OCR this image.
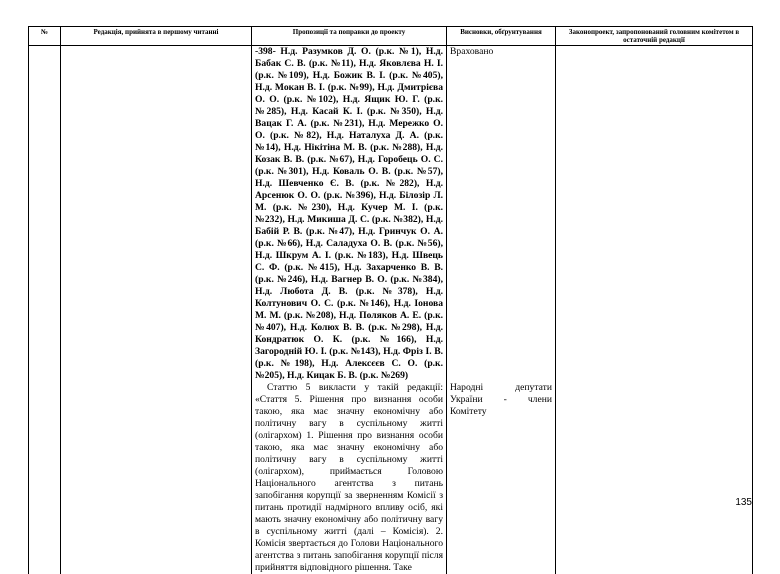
№	Редакція, прийнята в першому читанні	Пропозиції та поправки до проекту	Висновки, обґрунтування	Законопроект, запропонований головним комітетом в остаточній редакції

		-398- Н.д. Разумков Д. О. (р.к. №1), Н.д. Бабак С. В. (р.к. №11), Н.д. Яковлєва Н. І. (р.к. №109), Н.д. Божик В. І. (р.к. №405), Н.д. Мокан В. І. (р.к. №99), Н.д. Дмитрієва О. О. (р.к. №102), Н.д. Ящик Ю. Г. (р.к. №285), Н.д. Касай К. І. (р.к. №350), Н.д. Вацак Г. А. (р.к. №231), Н.д. Мережко О. О. (р.к. №82), Н.д. Наталуха Д. А. (р.к. №14), Н.д. Нікітіна М. В. (р.к. №288), Н.д. Козак В. В. (р.к. №67), Н.д. Горобець О. С. (р.к. №301), Н.д. Коваль О. В. (р.к. №57), Н.д. Шевченко Є. В. (р.к. №282), Н.д. Арсенюк О. О. (р.к. №396), Н.д. Білозір Л. М. (р.к. №230), Н.д. Кучер М. І. (р.к. №232), Н.д. Микиша Д. С. (р.к. №382), Н.д. Бабій Р. В. (р.к. №47), Н.д. Гринчук О. А. (р.к. №66), Н.д. Саладуха О. В. (р.к. №56), Н.д. Шкрум А. І. (р.к. №183), Н.д. Швець С. Ф. (р.к. №415), Н.д. Захарченко В. В. (р.к. №246), Н.д. Вагнер В. О. (р.к. №384), Н.д. Любота Д. В. (р.к. №378), Н.д. Колтунович О. С. (р.к. №146), Н.д. Іонова М. М. (р.к. №208), Н.д. Поляков А. Е. (р.к. №407), Н.д. Колюх В. В. (р.к. №298), Н.д. Кондратюк О. К. (р.к. №166), Н.д. Загородній Ю. І. (р.к. №143), Н.д. Фріз І. В. (р.к. №198), Н.д. Алексєєв С. О. (р.к. №205), Н.д. Кицак Б. В. (р.к. №269)	Враховано	

		Статтю 5 викласти у такій редакції: «Стаття 5. Рішення про визнання особи такою, яка має значну економічну або політичну вагу в суспільному житті (олігархом) 1. Рішення про визнання особи такою, яка має значну економічну або політичну вагу в суспільному житті (олігархом), приймається Головою Національного агентства з питань запобігання корупції за зверненням Комісії з питань протидії надмірного впливу осіб, які мають значну економічну або політичну вагу в суспільному житті (далі – Комісія). 2. Комісія звертається до Голови Національного агентства з питань запобігання корупції після прийняття відповідного рішення. Таке	Народні депутати України - члени Комітету	

135
